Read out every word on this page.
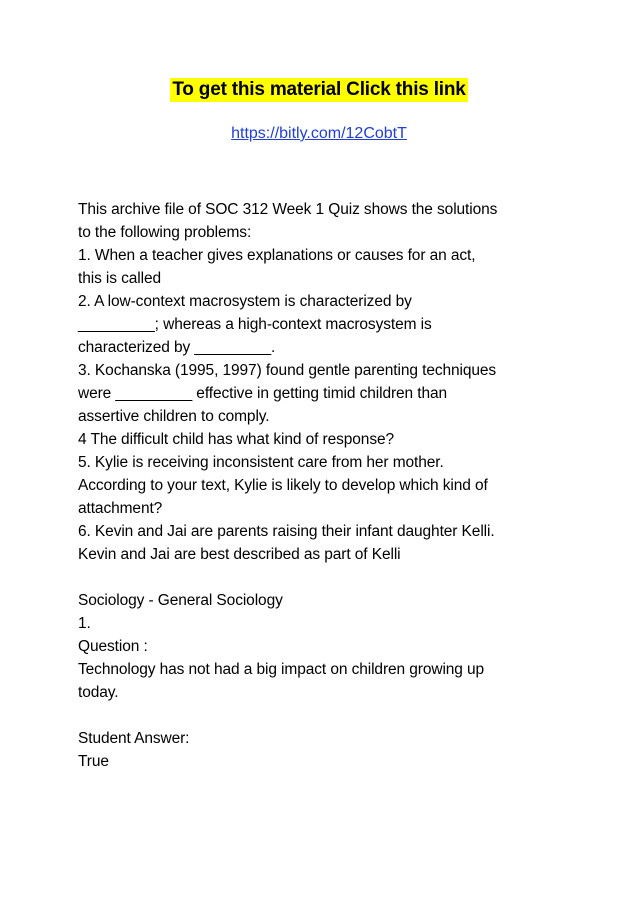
To get this material Click this link
https://bitly.com/12CobtT

This archive file of SOC 312 Week 1 Quiz shows the solutions

to the following problems:

1. When a teacher gives explanations or causes for an act,

this is called

2. A low-context macrosystem is characterized by

_________; whereas a high-context macrosystem is

characterized by _________.

3. Kochanska (1995, 1997) found gentle parenting techniques

were _________ effective in getting timid children than

assertive children to comply.

4 The difficult child has what kind of response?

5. Kylie is receiving inconsistent care from her mother.

According to your text, Kylie is likely to develop which kind of

attachment?

6. Kevin and Jai are parents raising their infant daughter Kelli.

Kevin and Jai are best described as part of Kelli

Sociology - General Sociology

1.

Question :

Technology has not had a big impact on children growing up

today.

Student Answer:

True
